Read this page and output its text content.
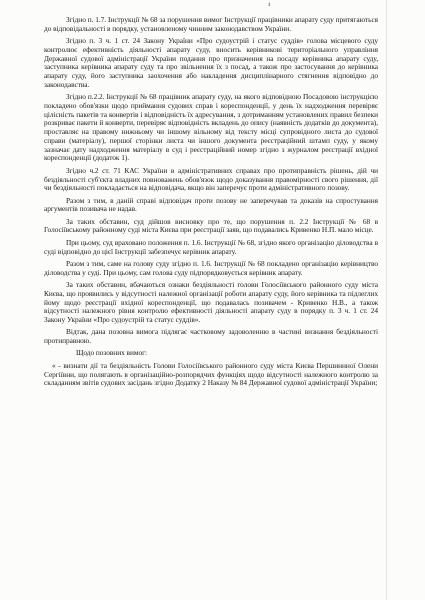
4

Згідно п. 1.7. Інструкції № 68 за порушення вимог Інструкції працівники апарату суду притягаються до відповідальності в порядку, установленому чинним законодавством України.

Згідно п. 3 ч. 1 ст. 24 Закону України «Про судоустрій і статус суддів» голова місцевого суду контролює ефективність діяльності апарату суду, вносить керівникові територіального управління Державної судової адміністрації України подання про призначення на посаду керівника апарату суду, заступника керівника апарату суду та про звільнення їх з посад, а також про застосування до керівника апарату суду, його заступника заохочення або накладення дисциплінарного стягнення відповідно до законодавства.

Згідно п.2.2. Інструкції № 68 працівник апарату суду, на якого відповідною Посадовою інструкцією покладено обов'язки щодо приймання судових справ і кореспонденції, у день їх надходження перевіряє цілісність пакетів та конвертів і відповідність їх адресування, з дотриманням установлених правил безпеки розкриває пакети й конверти, перевіряє відповідність вкладень до опису (наявність додатків до документа), проставляє на правому нижньому чи іншому вільному від тексту місці супровідного листа до судової справи (матеріалу), першої сторінки листа чи іншого документа реєстраційний штамп суду, у якому зазначає дату надходження матеріалу в суд і реєстраційний номер згідно з журналом реєстрації вхідної кореспонденції (додаток 1).

Згідно ч.2 ст. 71 КАС України в адміністративних справах про протиправність рішень, дій чи бездіяльності суб'єкта владних повноважень обов'язок щодо доказування правомірності свого рішення, дії чи бездіяльності покладається на відповідача, якщо він заперечує проти адміністративного позову.

Разом з тим, в даній справі відповідач проти позову не заперечував та доказів на спростування аргументів позивача не надав.

За таких обставин, суд дійшов висновку про те, що порушення п. 2.2 Інструкції № 68 в Голосіївському районному суді міста Києва при реєстрації заяв, що подавались Кривенко Н.П. мало місце.

При цьому, суд враховано положення п. 1.6. Інструкції № 68, згідно якого організацію діловодства в суді відповідно до цієї Інструкції забезпечує керівник апарату.

Разом з тим, саме на голову суду згідно п. 1.6. Інструкції № 68 покладено організацію керівництво діловодства у суді. При цьому, сам голова суду підпорядковується керівник апарату.

За таких обставин, вбачаються ознаки бездіяльності голови Голосіївського районного суду міста Києва, що проявились у відсутності належної організації роботи апарату суду, його керівника та підлеглих йому щодо реєстрації вхідної кореспонденції, що подавалась позивачем - Кривенко Н.В., а також відсутності належного рівня контролю ефективності діяльності апарату суду в порядку п. 3 ч. 1 ст. 24 Закону України «Про судоустрій та статус суддів».

Відтак, дана позовна вимога підлягає частковому задоволенню в частині визнання бездіяльності протиправною.

Щодо позовних вимог:

« - визнати дії та бездіяльність Голови Голосіївського районного суду міста Києва Першиннної Олени Сергіївни, що полягають в організаційно-розпорядчих функціях щодо відсутності належного контролю за складанням звітів судових засідань згідно Додатку 2 Наказу № 84 Державної судової адміністрації України;
